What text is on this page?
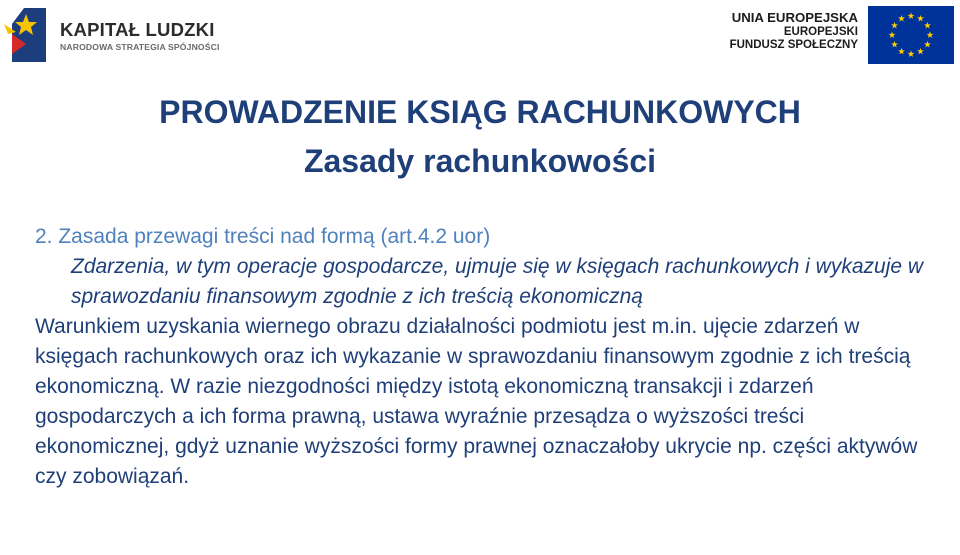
KAPITAŁ LUDZKI
NARODOWA STRATEGIA SPÓJNOŚCI
UNIA EUROPEJSKA
EUROPEJSKI
FUNDUSZ SPOŁECZNY
PROWADZENIE KSIĄG RACHUNKOWYCH
Zasady rachunkowości
2. Zasada przewagi treści nad formą (art.4.2 uor)
Zdarzenia, w tym operacje gospodarcze, ujmuje się w księgach rachunkowych i wykazuje w sprawozdaniu finansowym zgodnie z ich treścią ekonomiczną
Warunkiem uzyskania wiernego obrazu działalności podmiotu jest m.in. ujęcie zdarzeń w księgach rachunkowych oraz ich wykazanie w sprawozdaniu finansowym zgodnie z ich treścią ekonomiczną. W razie niezgodności między istotą ekonomiczną transakcji i zdarzeń gospodarczych a ich forma prawną, ustawa wyraźnie przesądza o wyższości treści ekonomicznej, gdyż uznanie wyższości formy prawnej oznaczałoby ukrycie np. części aktywów czy zobowiązań.
